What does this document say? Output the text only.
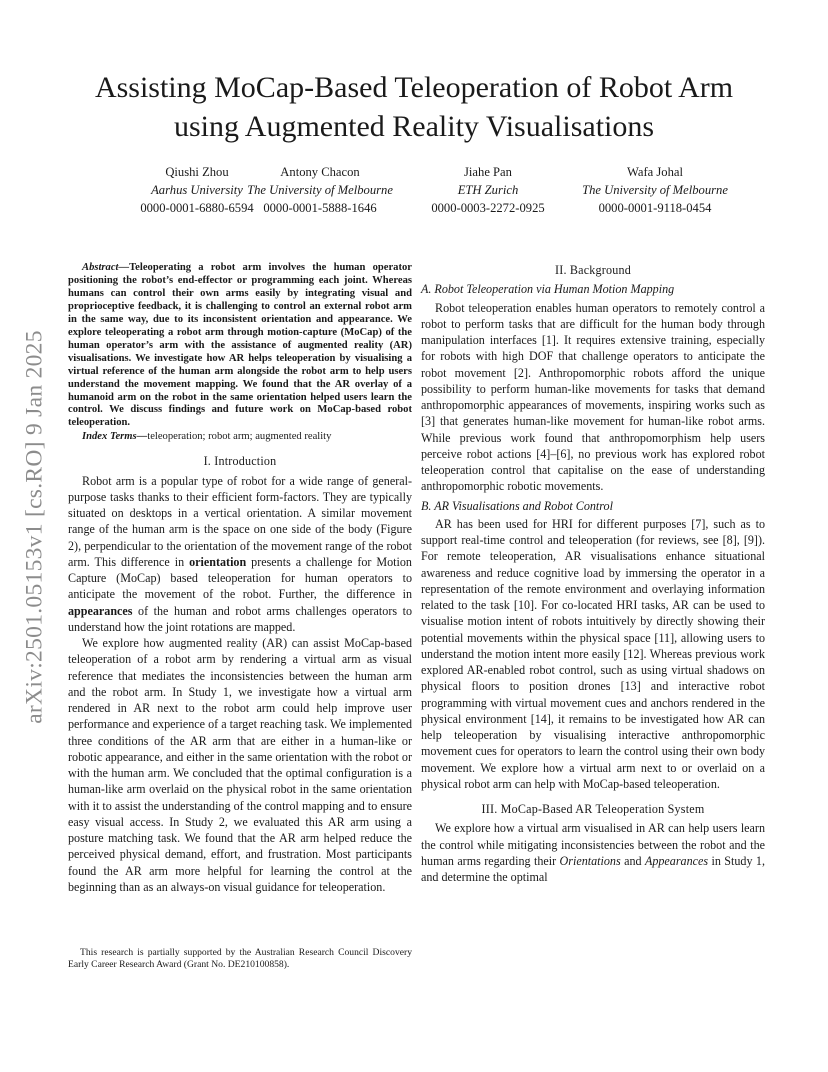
arXiv:2501.05153v1 [cs.RO] 9 Jan 2025
Assisting MoCap-Based Teleoperation of Robot Arm using Augmented Reality Visualisations
Qiushi Zhou
Aarhus University
0000-0001-6880-6594
Antony Chacon
The University of Melbourne
0000-0001-5888-1646
Jiahe Pan
ETH Zurich
0000-0003-2272-0925
Wafa Johal
The University of Melbourne
0000-0001-9118-0454

Abstract—Teleoperating a robot arm involves the human operator positioning the robot’s end-effector or programming each joint. Whereas humans can control their own arms easily by integrating visual and proprioceptive feedback, it is challenging to control an external robot arm in the same way, due to its inconsistent orientation and appearance. We explore teleoperating a robot arm through motion-capture (MoCap) of the human operator’s arm with the assistance of augmented reality (AR) visualisations. We investigate how AR helps teleoperation by visualising a virtual reference of the human arm alongside the robot arm to help users understand the movement mapping. We found that the AR overlay of a humanoid arm on the robot in the same orientation helped users learn the control. We discuss findings and future work on MoCap-based robot teleoperation.

Index Terms—teleoperation; robot arm; augmented reality

I. Introduction

Robot arm is a popular type of robot for a wide range of general-purpose tasks thanks to their efficient form-factors. They are typically situated on desktops in a vertical orientation. A similar movement range of the human arm is the space on one side of the body (Figure 2), perpendicular to the orientation of the movement range of the robot arm. This difference in orientation presents a challenge for Motion Capture (MoCap) based teleoperation for human operators to anticipate the movement of the robot. Further, the difference in appearances of the human and robot arms challenges operators to understand how the joint rotations are mapped.

We explore how augmented reality (AR) can assist MoCap-based teleoperation of a robot arm by rendering a virtual arm as visual reference that mediates the inconsistencies between the human arm and the robot arm. In Study 1, we investigate how a virtual arm rendered in AR next to the robot arm could help improve user performance and experience of a target reaching task. We implemented three conditions of the AR arm that are either in a human-like or robotic appearance, and either in the same orientation with the robot or with the human arm. We concluded that the optimal configuration is a human-like arm overlaid on the physical robot in the same orientation with it to assist the understanding of the control mapping and to ensure easy visual access. In Study 2, we evaluated this AR arm using a posture matching task. We found that the AR arm helped reduce the perceived physical demand, effort, and frustration. Most participants found the AR arm more helpful for learning the control at the beginning than as an always-on visual guidance for teleoperation.

This research is partially supported by the Australian Research Council Discovery Early Career Research Award (Grant No. DE210100858).

II. Background

A. Robot Teleoperation via Human Motion Mapping

Robot teleoperation enables human operators to remotely control a robot to perform tasks that are difficult for the human body through manipulation interfaces [1]. It requires extensive training, especially for robots with high DOF that challenge operators to anticipate the robot movement [2]. Anthropomorphic robots afford the unique possibility to perform human-like movements for tasks that demand anthropomorphic appearances of movements, inspiring works such as [3] that generates human-like movement for human-like robot arms. While previous work found that anthropomorphism help users perceive robot actions [4]–[6], no previous work has explored robot teleoperation control that capitalise on the ease of understanding anthropomorphic robotic movements.

B. AR Visualisations and Robot Control

AR has been used for HRI for different purposes [7], such as to support real-time control and teleoperation (for reviews, see [8], [9]). For remote teleoperation, AR visualisations enhance situational awareness and reduce cognitive load by immersing the operator in a representation of the remote environment and overlaying information related to the task [10]. For co-located HRI tasks, AR can be used to visualise motion intent of robots intuitively by directly showing their potential movements within the physical space [11], allowing users to understand the motion intent more easily [12]. Whereas previous work explored AR-enabled robot control, such as using virtual shadows on physical floors to position drones [13] and interactive robot programming with virtual movement cues and anchors rendered in the physical environment [14], it remains to be investigated how AR can help teleoperation by visualising interactive anthropomorphic movement cues for operators to learn the control using their own body movement. We explore how a virtual arm next to or overlaid on a physical robot arm can help with MoCap-based teleoperation.

III. MoCap-Based AR Teleoperation System

We explore how a virtual arm visualised in AR can help users learn the control while mitigating inconsistencies between the robot and the human arms regarding their Orientations and Appearances in Study 1, and determine the optimal
